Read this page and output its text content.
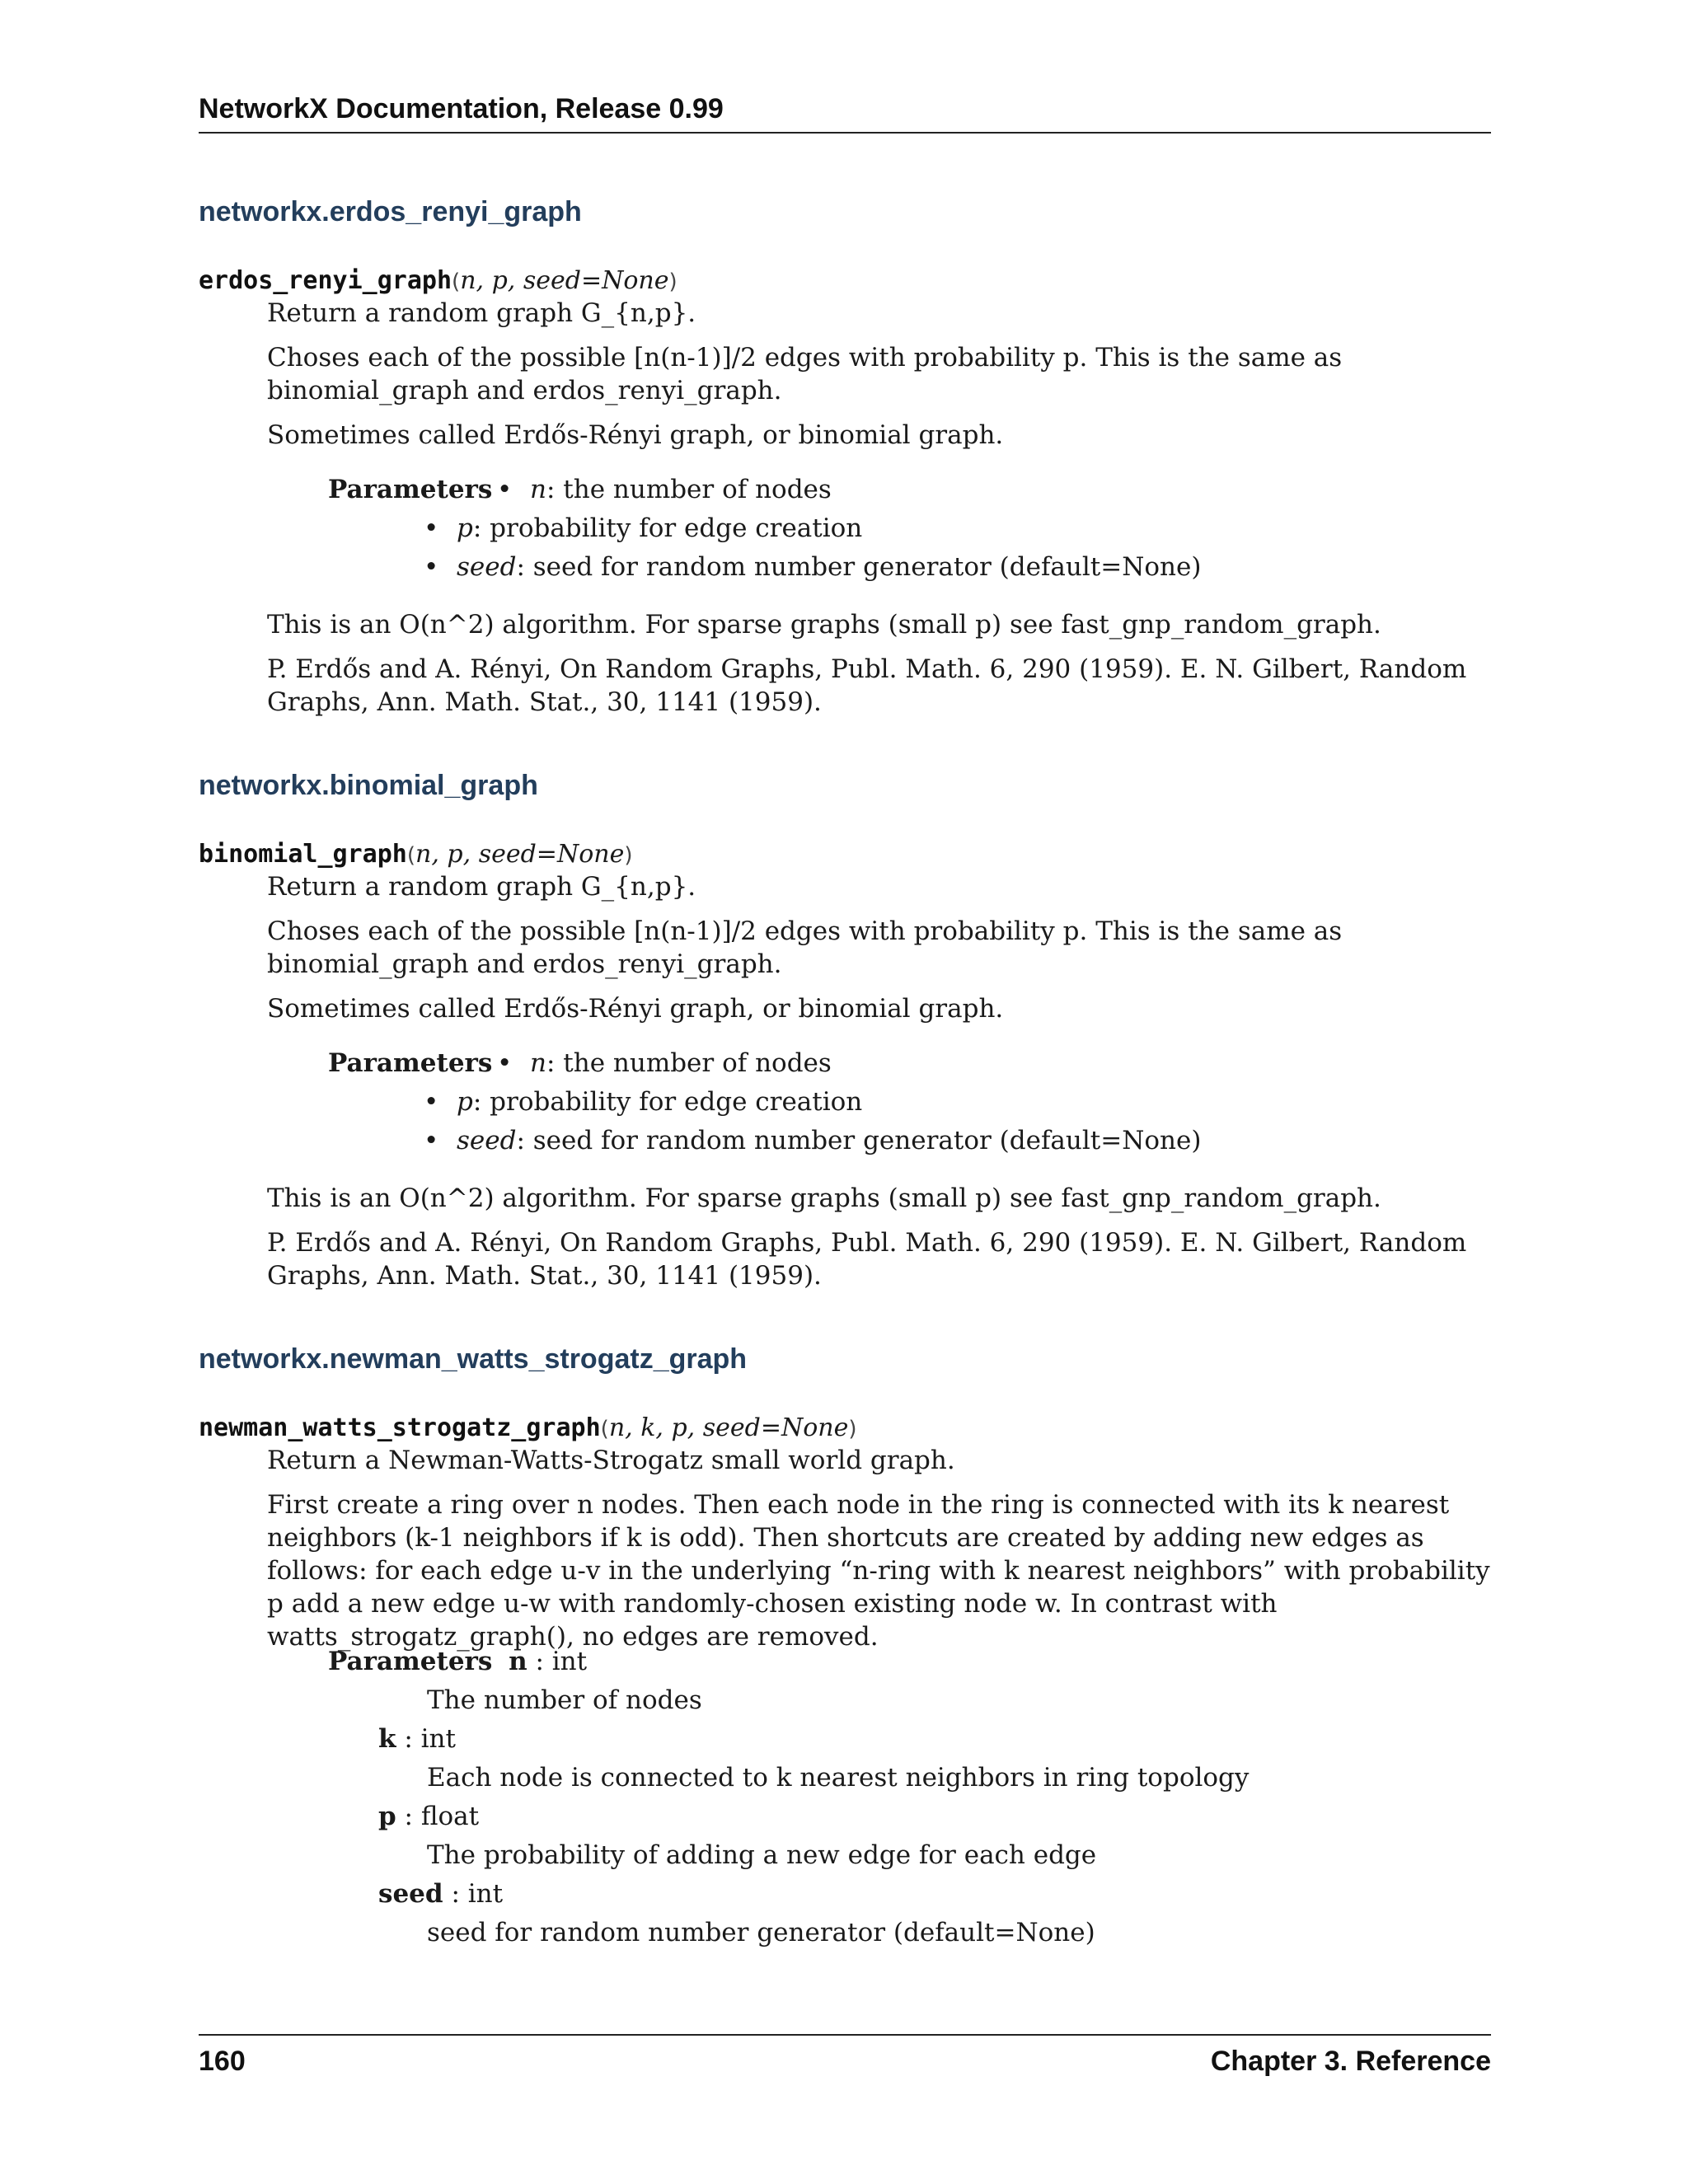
NetworkX Documentation, Release 0.99
networkx.erdos_renyi_graph
erdos_renyi_graph(n, p, seed=None)

Return a random graph G_{n,p}.

Choses each of the possible [n(n-1)]/2 edges with probability p. This is the same as binomial_graph and erdos_renyi_graph.

Sometimes called Erdős-Rényi graph, or binomial graph.

Parameters • n: the number of nodes
• p: probability for edge creation
• seed: seed for random number generator (default=None)

This is an O(n^2) algorithm. For sparse graphs (small p) see fast_gnp_random_graph.

P. Erdős and A. Rényi, On Random Graphs, Publ. Math. 6, 290 (1959). E. N. Gilbert, Random Graphs, Ann. Math. Stat., 30, 1141 (1959).

networkx.binomial_graph
binomial_graph(n, p, seed=None)

Return a random graph G_{n,p}.

Choses each of the possible [n(n-1)]/2 edges with probability p. This is the same as binomial_graph and erdos_renyi_graph.

Sometimes called Erdős-Rényi graph, or binomial graph.

Parameters • n: the number of nodes
• p: probability for edge creation
• seed: seed for random number generator (default=None)

This is an O(n^2) algorithm. For sparse graphs (small p) see fast_gnp_random_graph.

P. Erdős and A. Rényi, On Random Graphs, Publ. Math. 6, 290 (1959). E. N. Gilbert, Random Graphs, Ann. Math. Stat., 30, 1141 (1959).

networkx.newman_watts_strogatz_graph
newman_watts_strogatz_graph(n, k, p, seed=None)

Return a Newman-Watts-Strogatz small world graph.

First create a ring over n nodes. Then each node in the ring is connected with its k nearest neighbors (k-1 neighbors if k is odd). Then shortcuts are created by adding new edges as follows: for each edge u-v in the underlying “n-ring with k nearest neighbors” with probability p add a new edge u-w with randomly-chosen existing node w. In contrast with watts_strogatz_graph(), no edges are removed.

Parameters n : int
The number of nodes
k : int
Each node is connected to k nearest neighbors in ring topology
p : float
The probability of adding a new edge for each edge
seed : int
seed for random number generator (default=None)
160	Chapter 3. Reference
